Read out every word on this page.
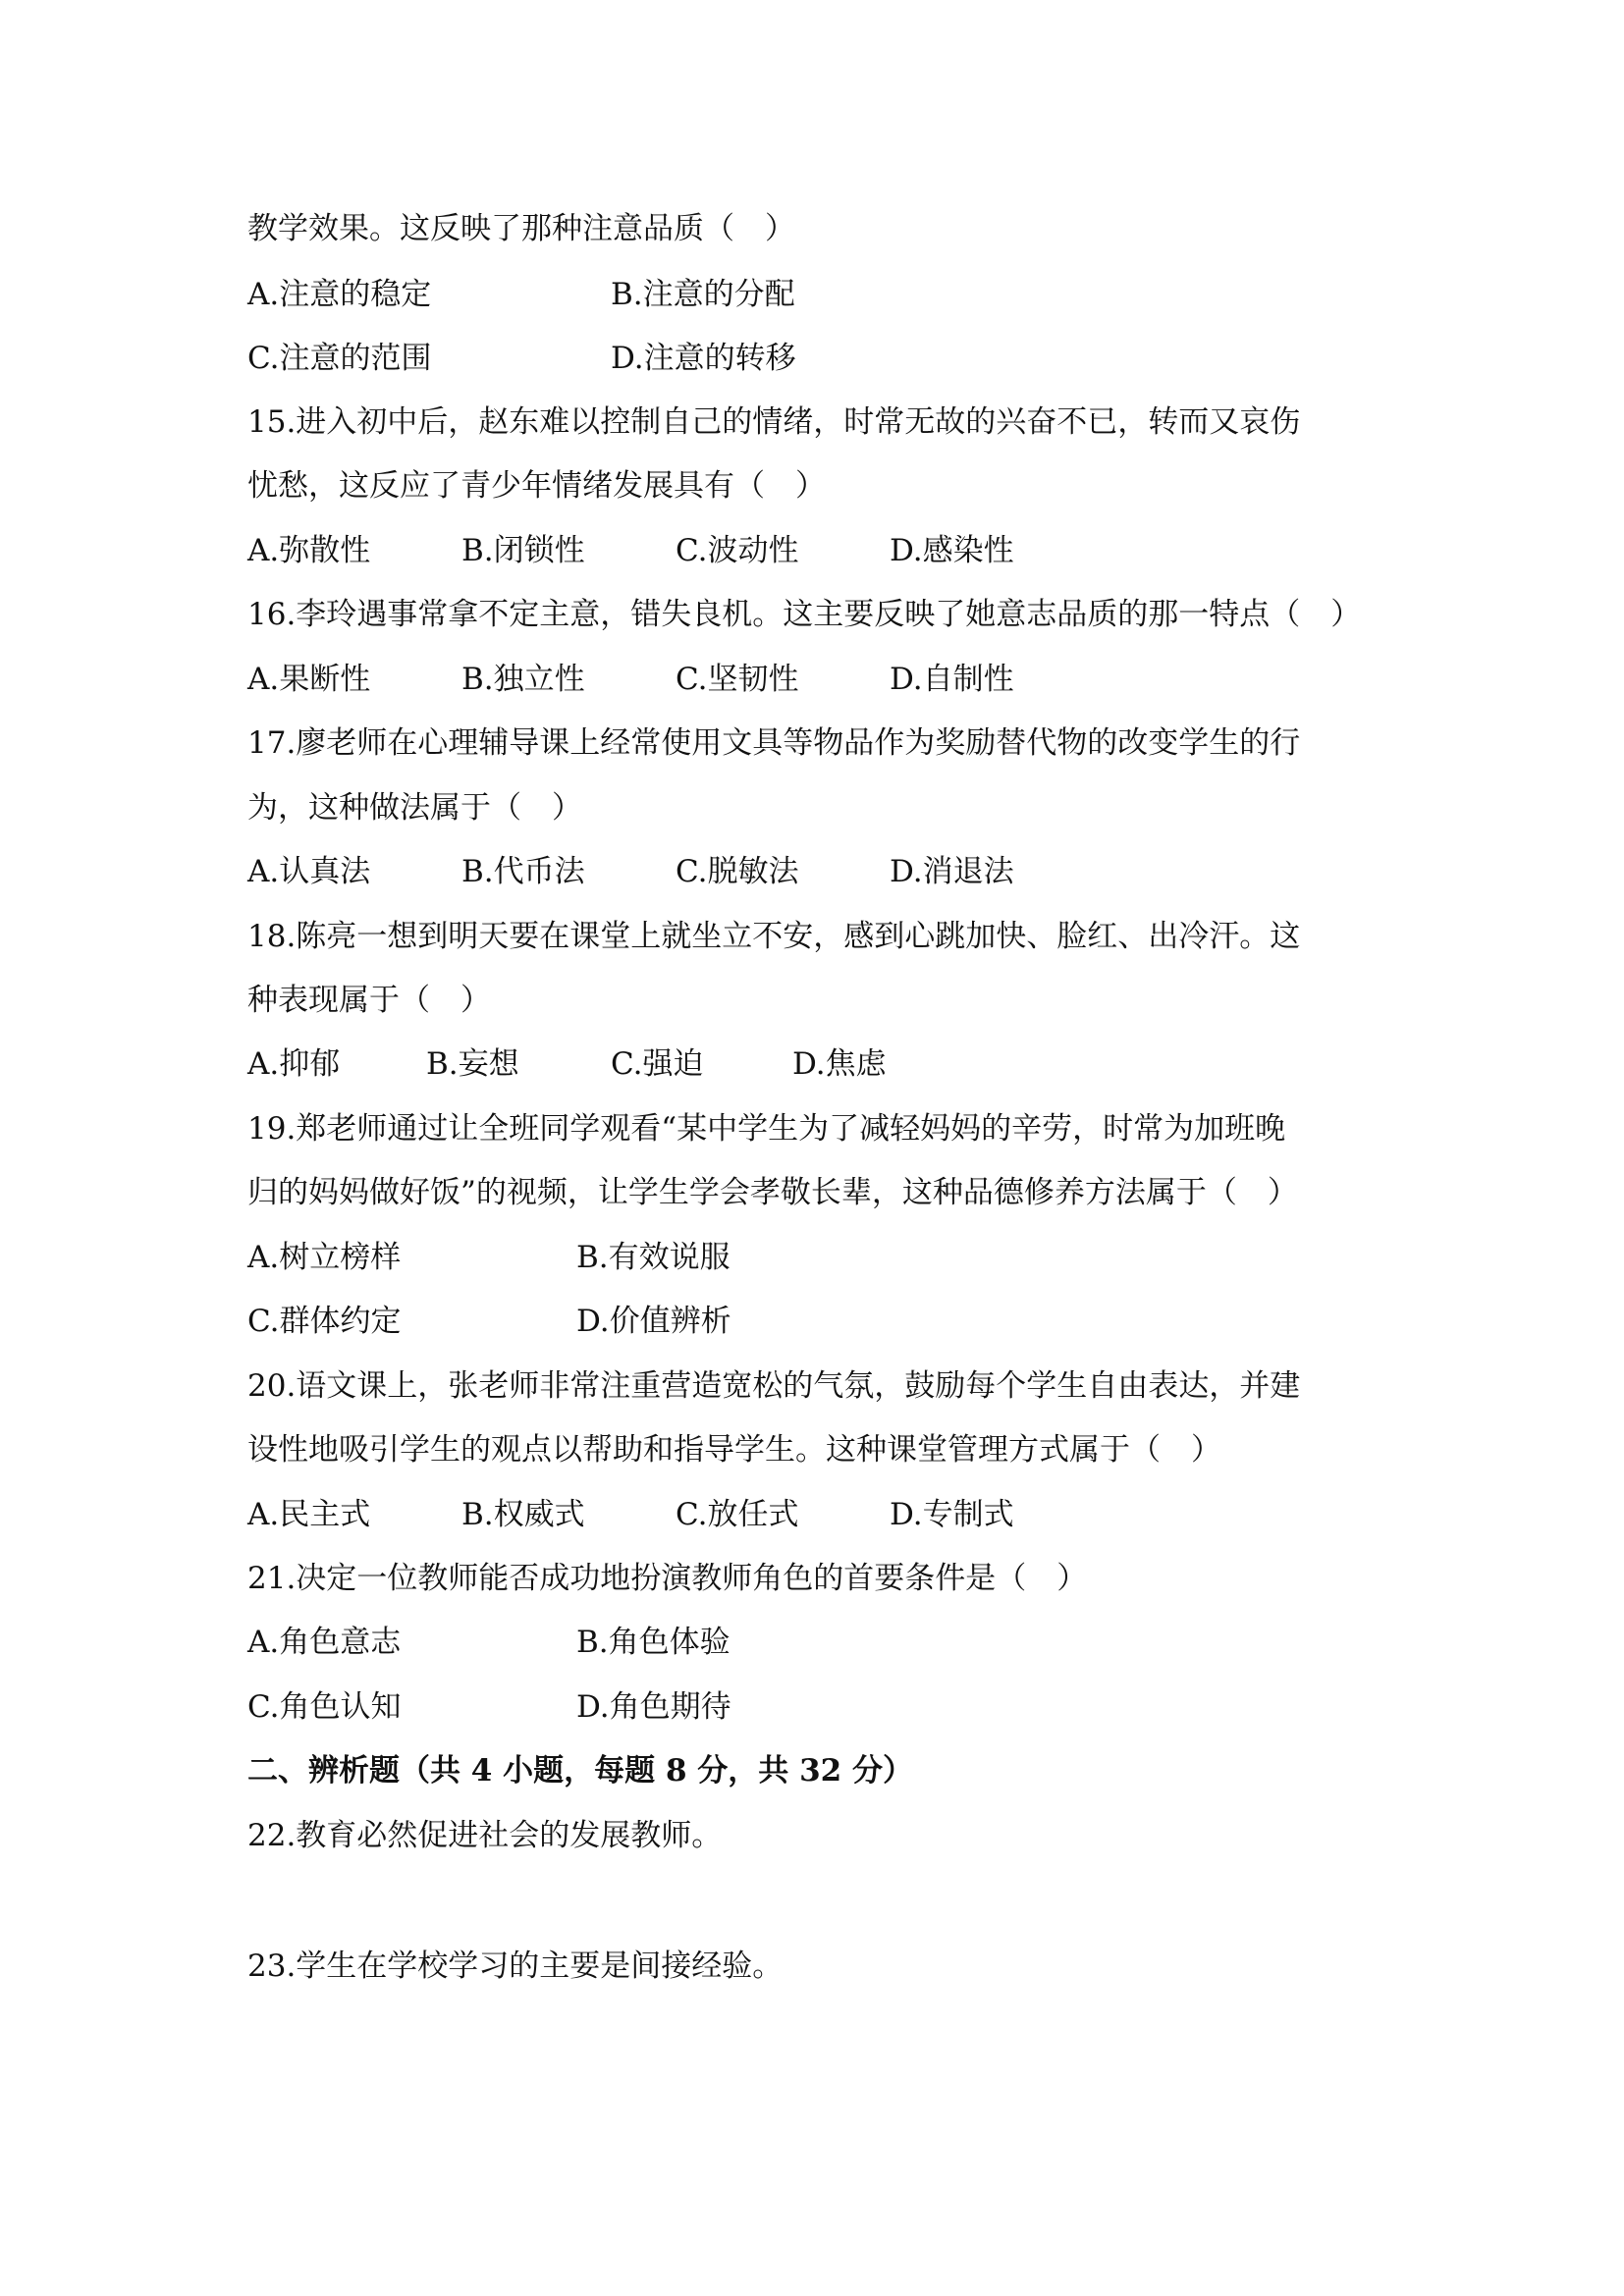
教学效果。这反映了那种注意品质（　）
A.注意的稳定	B.注意的分配
C.注意的范围	D.注意的转移
15.进入初中后，赵东难以控制自己的情绪，时常无故的兴奋不已，转而又哀伤
忧愁，这反应了青少年情绪发展具有（　）
A.弥散性	B.闭锁性	C.波动性	D.感染性
16.李玲遇事常拿不定主意，错失良机。这主要反映了她意志品质的那一特点（　）
A.果断性	B.独立性	C.坚韧性	D.自制性
17.廖老师在心理辅导课上经常使用文具等物品作为奖励替代物的改变学生的行
为，这种做法属于（　）
A.认真法	B.代币法	C.脱敏法	D.消退法
18.陈亮一想到明天要在课堂上就坐立不安，感到心跳加快、脸红、出冷汗。这
种表现属于（　）
A.抑郁	B.妄想	C.强迫	D.焦虑
19.郑老师通过让全班同学观看“某中学生为了减轻妈妈的辛劳，时常为加班晚
归的妈妈做好饭”的视频，让学生学会孝敬长辈，这种品德修养方法属于（　）
A.树立榜样	B.有效说服
C.群体约定	D.价值辨析
20.语文课上，张老师非常注重营造宽松的气氛，鼓励每个学生自由表达，并建
设性地吸引学生的观点以帮助和指导学生。这种课堂管理方式属于（　）
A.民主式	B.权威式	C.放任式	D.专制式
21.决定一位教师能否成功地扮演教师角色的首要条件是（　）
A.角色意志	B.角色体验
C.角色认知	D.角色期待
二、辨析题（共 4 小题，每题 8 分，共 32 分）
22.教育必然促进社会的发展教师。
23.学生在学校学习的主要是间接经验。
